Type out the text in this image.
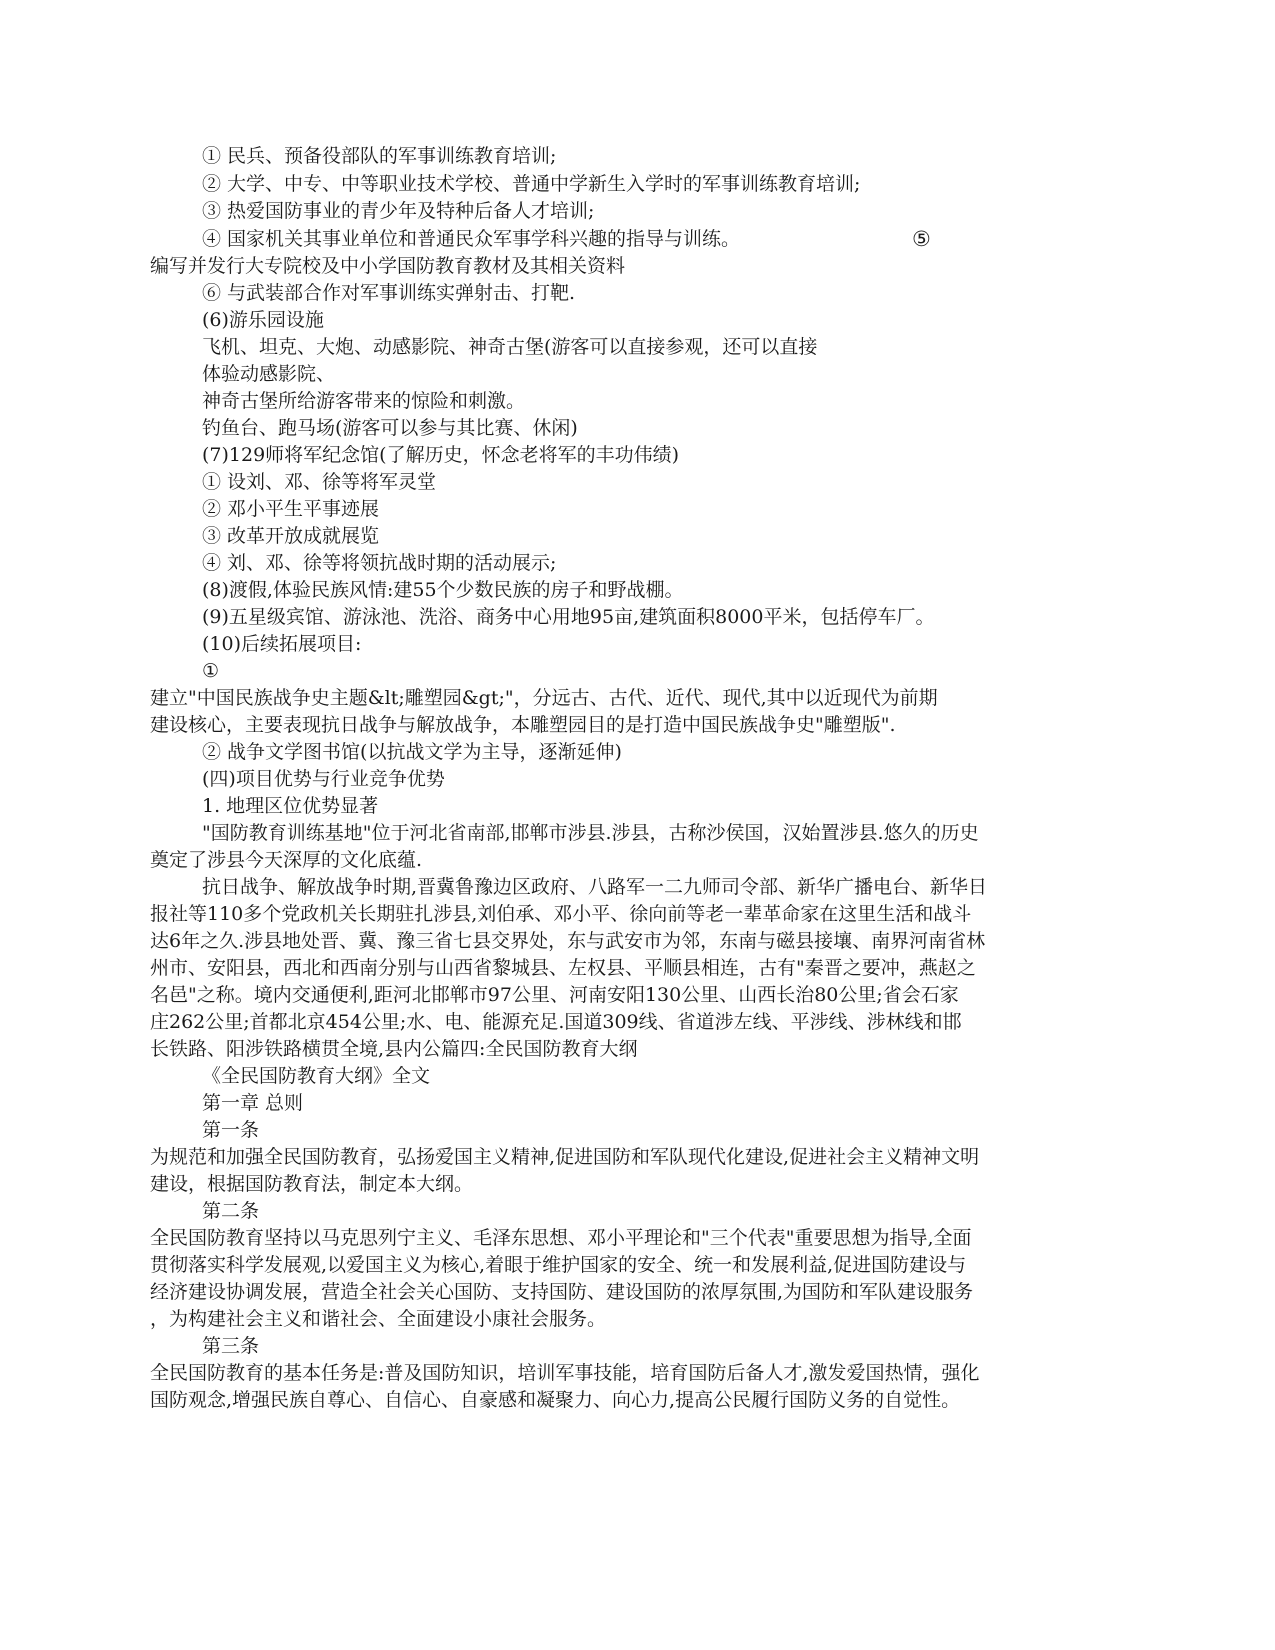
① 民兵、预备役部队的军事训练教育培训;
② 大学、中专、中等职业技术学校、普通中学新生入学时的军事训练教育培训;
③ 热爱国防事业的青少年及特种后备人才培训;
④ 国家机关其事业单位和普通民众军事学科兴趣的指导与训练。	⑤
编写并发行大专院校及中小学国防教育教材及其相关资料
⑥ 与武装部合作对军事训练实弹射击、打靶.
(6)游乐园设施
飞机、坦克、大炮、动感影院、神奇古堡(游客可以直接参观，还可以直接
体验动感影院、
神奇古堡所给游客带来的惊险和刺激。
钓鱼台、跑马场(游客可以参与其比赛、休闲)
(7)129师将军纪念馆(了解历史，怀念老将军的丰功伟绩)
① 设刘、邓、徐等将军灵堂
② 邓小平生平事迹展
③ 改革开放成就展览
④ 刘、邓、徐等将领抗战时期的活动展示;
(8)渡假,体验民族风情:建55个少数民族的房子和野战棚。
(9)五星级宾馆、游泳池、洗浴、商务中心用地95亩,建筑面积8000平米，包括停车厂。
(10)后续拓展项目:
①
建立"中国民族战争史主题&lt;雕塑园&gt;"，分远古、古代、近代、现代,其中以近现代为前期
建设核心，主要表现抗日战争与解放战争，本雕塑园目的是打造中国民族战争史"雕塑版".
② 战争文学图书馆(以抗战文学为主导，逐渐延伸)
(四)项目优势与行业竞争优势
1. 地理区位优势显著
"国防教育训练基地"位于河北省南部,邯郸市涉县.涉县，古称沙侯国，汉始置涉县.悠久的历史
奠定了涉县今天深厚的文化底蕴.
抗日战争、解放战争时期,晋冀鲁豫边区政府、八路军一二九师司令部、新华广播电台、新华日
报社等110多个党政机关长期驻扎涉县,刘伯承、邓小平、徐向前等老一辈革命家在这里生活和战斗
达6年之久.涉县地处晋、冀、豫三省七县交界处，东与武安市为邻，东南与磁县接壤、南界河南省林
州市、安阳县，西北和西南分别与山西省黎城县、左权县、平顺县相连，古有"秦晋之要冲，燕赵之
名邑"之称。境内交通便利,距河北邯郸市97公里、河南安阳130公里、山西长治80公里;省会石家
庄262公里;首都北京454公里;水、电、能源充足.国道309线、省道涉左线、平涉线、涉林线和邯
长铁路、阳涉铁路横贯全境,县内公篇四:全民国防教育大纲
《全民国防教育大纲》全文
第一章 总则
第一条
为规范和加强全民国防教育，弘扬爱国主义精神,促进国防和军队现代化建设,促进社会主义精神文明
建设，根据国防教育法，制定本大纲。
第二条
全民国防教育坚持以马克思列宁主义、毛泽东思想、邓小平理论和"三个代表"重要思想为指导,全面
贯彻落实科学发展观,以爱国主义为核心,着眼于维护国家的安全、统一和发展利益,促进国防建设与
经济建设协调发展，营造全社会关心国防、支持国防、建设国防的浓厚氛围,为国防和军队建设服务
，为构建社会主义和谐社会、全面建设小康社会服务。
第三条
全民国防教育的基本任务是:普及国防知识，培训军事技能，培育国防后备人才,激发爱国热情，强化
国防观念,增强民族自尊心、自信心、自豪感和凝聚力、向心力,提高公民履行国防义务的自觉性。
